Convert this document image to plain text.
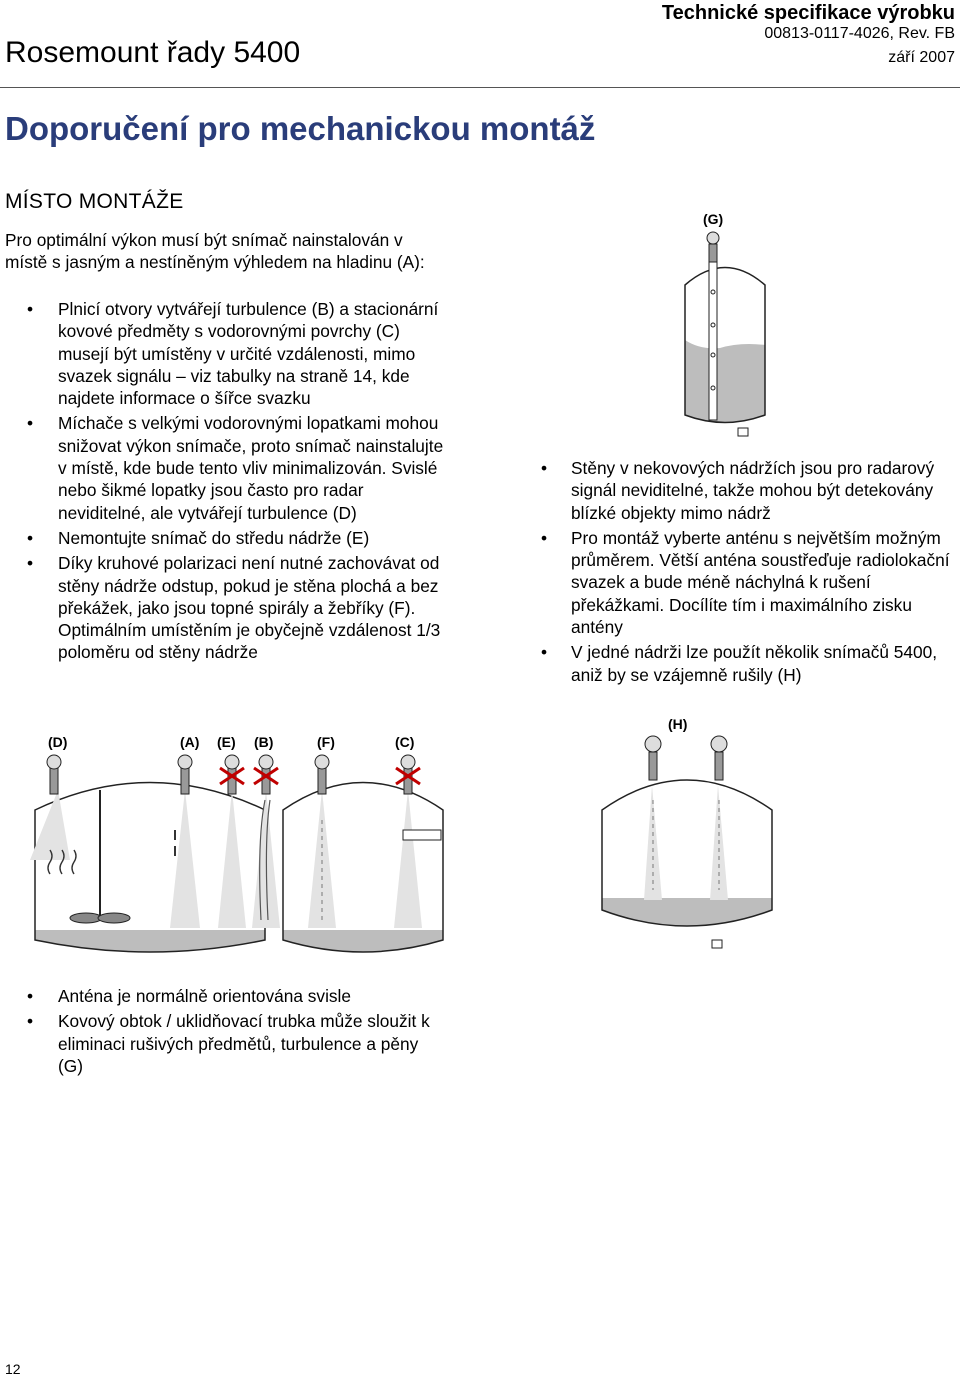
Rosemount řady 5400
Technické specifikace výrobku
00813-0117-4026, Rev. FB
září 2007
Doporučení pro mechanickou montáž
MÍSTO MONTÁŽE
Pro optimální výkon musí být snímač nainstalován v místě s jasným a nestíněným výhledem na hladinu (A):
• Plnicí otvory vytvářejí turbulence (B) a stacionární kovové předměty s vodorovnými povrchy (C) musejí být umístěny v určité vzdálenosti, mimo svazek signálu – viz tabulky na straně 14, kde najdete informace o šířce svazku
• Míchače s velkými vodorovnými lopatkami mohou snižovat výkon snímače, proto snímač nainstalujte v místě, kde bude tento vliv minimalizován. Svislé nebo šikmé lopatky jsou často pro radar neviditelné, ale vytvářejí turbulence (D)
• Nemontujte snímač do středu nádrže (E)
• Díky kruhové polarizaci není nutné zachovávat od stěny nádrže odstup, pokud je stěna plochá a bez překážek, jako jsou topné spirály a žebříky (F). Optimálním umístěním je obyčejně vzdálenost 1/3 poloměru od stěny nádrže
• Stěny v nekovových nádržích jsou pro radarový signál neviditelné, takže mohou být detekovány blízké objekty mimo nádrž
• Pro montáž vyberte anténu s největším možným průměrem. Větší anténa soustřeďuje radiolokační svazek a bude méně náchylná k rušení překážkami. Docílíte tím i maximálního zisku antény
• V jedné nádrži lze použít několik snímačů 5400, aniž by se vzájemně rušily (H)
• Anténa je normálně orientována svisle
• Kovový obtok / uklidňovací trubka může sloužit k eliminaci rušivých předmětů, turbulence a pěny (G)
(G)
(H)
(D)	(A) (E) (B)	(F)	(C)
12
